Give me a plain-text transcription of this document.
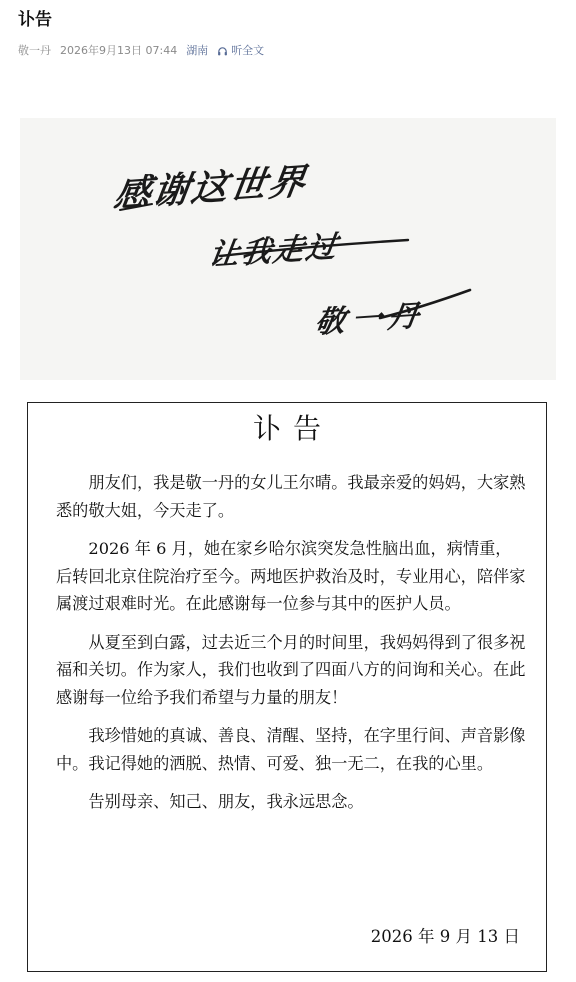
讣告
敬一丹 2026年9月13日 07:44 湖南 听全文
感谢这世界
让我走过
敬一丹
讣告

朋友们，我是敬一丹的女儿王尔晴。我最亲爱的妈妈，大家熟悉的敬大姐，今天走了。

2026 年 6 月，她在家乡哈尔滨突发急性脑出血，病情重，后转回北京住院治疗至今。两地医护救治及时，专业用心，陪伴家属渡过艰难时光。在此感谢每一位参与其中的医护人员。

从夏至到白露，过去近三个月的时间里，我妈妈得到了很多祝福和关切。作为家人，我们也收到了四面八方的问询和关心。在此感谢每一位给予我们希望与力量的朋友！

我珍惜她的真诚、善良、清醒、坚持，在字里行间、声音影像中。我记得她的洒脱、热情、可爱、独一无二，在我的心里。

告别母亲、知己、朋友，我永远思念。

2026 年 9 月 13 日
